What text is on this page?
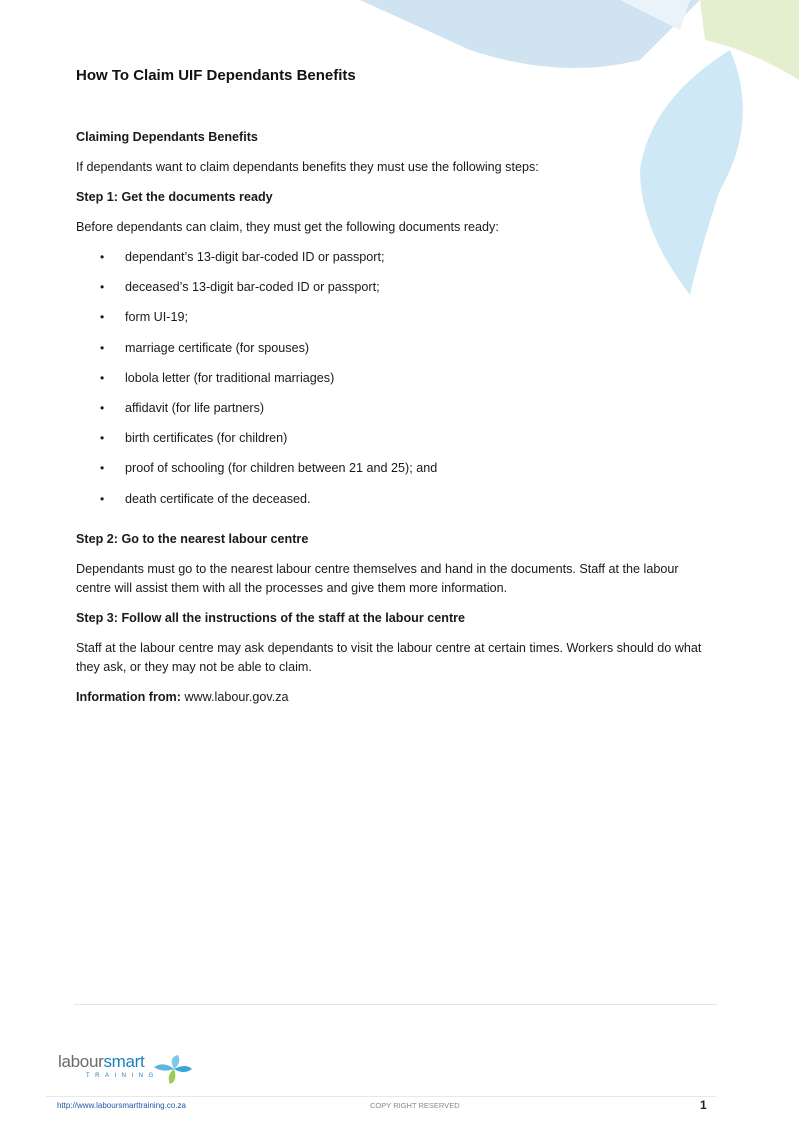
How To Claim UIF Dependants Benefits

Claiming Dependants Benefits

If dependants want to claim dependants benefits they must use the following steps:

Step 1: Get the documents ready

Before dependants can claim, they must get the following documents ready:

• dependant’s 13-digit bar-coded ID or passport;
• deceased’s 13-digit bar-coded ID or passport;
• form UI-19;
• marriage certificate (for spouses)
• lobola letter (for traditional marriages)
• affidavit (for life partners)
• birth certificates (for children)
• proof of schooling (for children between 21 and 25); and
• death certificate of the deceased.

Step 2: Go to the nearest labour centre

Dependants must go to the nearest labour centre themselves and hand in the documents. Staff at the labour centre will assist them with all the processes and give them more information.

Step 3: Follow all the instructions of the staff at the labour centre

Staff at the labour centre may ask dependants to visit the labour centre at certain times. Workers should do what they ask, or they may not be able to claim.

Information from: www.labour.gov.za

laboursmart
TRAINING
http://www.laboursmarttraining.co.za	COPY RIGHT RESERVED	1
